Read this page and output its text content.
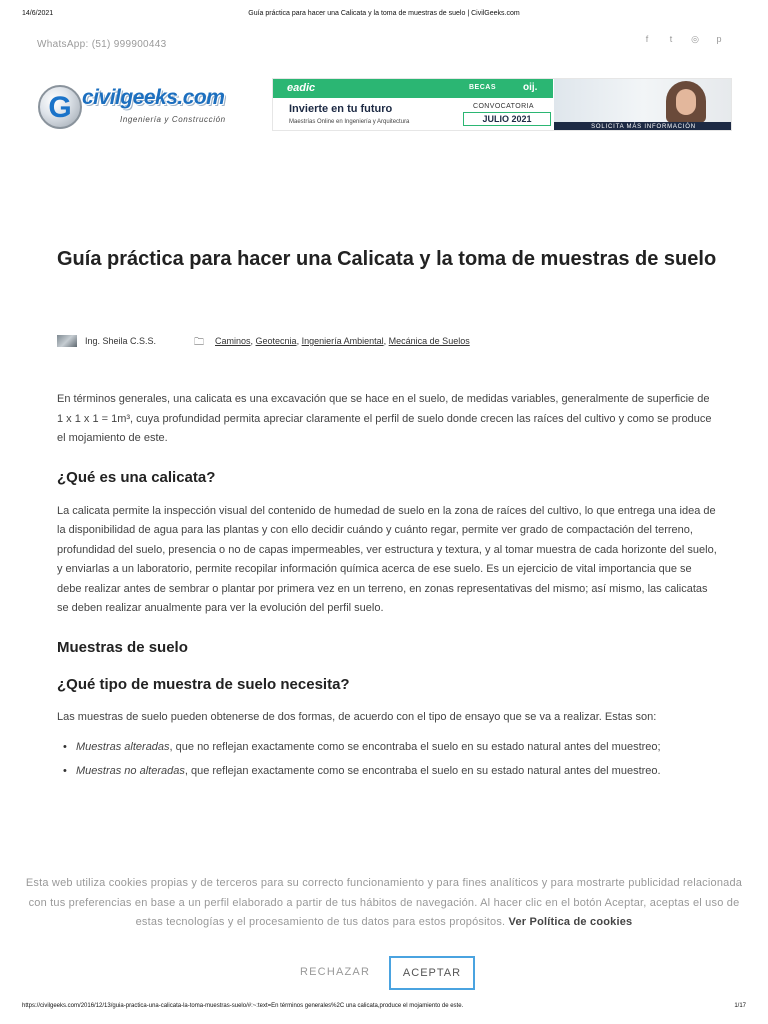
14/6/2021	Guía práctica para hacer una Calicata y la toma de muestras de suelo | CivilGeeks.com
WhatsApp: (51) 999900443	f	t	◎ p
G civilgeeks.com
Ingeniería y Construcción
eadic	BECAS	oij.
Invierte en tu futuro
Maestrías Online en Ingeniería y Arquitectura
CONVOCATORIA
JULIO 2021
SOLICITA MÁS INFORMACIÓN
Guía práctica para hacer una Calicata y la toma de muestras de suelo
Ing. Sheila C.S.S.	🗀 Caminos, Geotecnia, Ingeniería Ambiental, Mecánica de Suelos

En términos generales, una calicata es una excavación que se hace en el suelo, de medidas variables, generalmente de superficie de 1 x 1 x 1 = 1m³, cuya profundidad permita apreciar claramente el perfil de suelo donde crecen las raíces del cultivo y como se produce el mojamiento de este.

¿Qué es una calicata?

La calicata permite la inspección visual del contenido de humedad de suelo en la zona de raíces del cultivo, lo que entrega una idea de la disponibilidad de agua para las plantas y con ello decidir cuándo y cuánto regar, permite ver grado de compactación del terreno, profundidad del suelo, presencia o no de capas impermeables, ver estructura y textura, y al tomar muestra de cada horizonte del suelo, y enviarlas a un laboratorio, permite recopilar información química acerca de ese suelo. Es un ejercicio de vital importancia que se debe realizar antes de sembrar o plantar por primera vez en un terreno, en zonas representativas del mismo; así mismo, las calicatas se deben realizar anualmente para ver la evolución del perfil suelo.

Muestras de suelo
¿Qué tipo de muestra de suelo necesita?

Las muestras de suelo pueden obtenerse de dos formas, de acuerdo con el tipo de ensayo que se va a realizar. Estas son:

• Muestras alteradas, que no reflejan exactamente como se encontraba el suelo en su estado natural antes del muestreo;
• Muestras no alteradas, que reflejan exactamente como se encontraba el suelo en su estado natural antes del muestreo.
Esta web utiliza cookies propias y de terceros para su correcto funcionamiento y para fines analíticos y para mostrarte publicidad relacionada con tus preferencias en base a un perfil elaborado a partir de tus hábitos de navegación. Al hacer clic en el botón Aceptar, aceptas el uso de estas tecnologías y el procesamiento de tus datos para estos propósitos. Ver Política de cookies
RECHAZAR	ACEPTAR
https://civilgeeks.com/2016/12/13/guia-practica-una-calicata-la-toma-muestras-suelo/#:~:text=En términos generales%2C una calicata,produce el mojamiento de este.	1/17
